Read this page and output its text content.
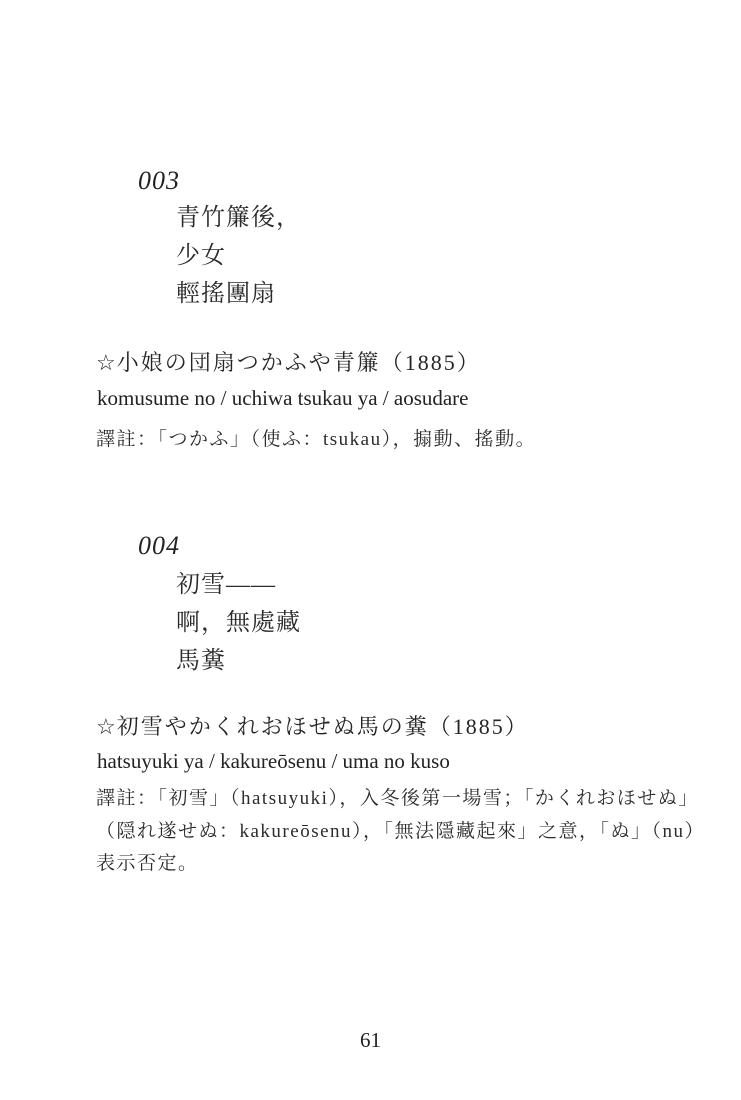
003
青竹簾後，
少女
輕搖團扇
☆小娘の団扇つかふや青簾（1885）
komusume no / uchiwa tsukau ya / aosudare
譯註：「つかふ」（使ふ：tsukau），搧動、搖動。
004
初雪——
啊，無處藏
馬糞
☆初雪やかくれおほせぬ馬の糞（1885）
hatsuyuki ya / kakureōsenu / uma no kuso
譯註：「初雪」（hatsuyuki），入冬後第一場雪；「かくれおほせぬ」
（隠れ遂せぬ：kakureōsenu），「無法隱藏起來」之意，「ぬ」（nu）
表示否定。
61
